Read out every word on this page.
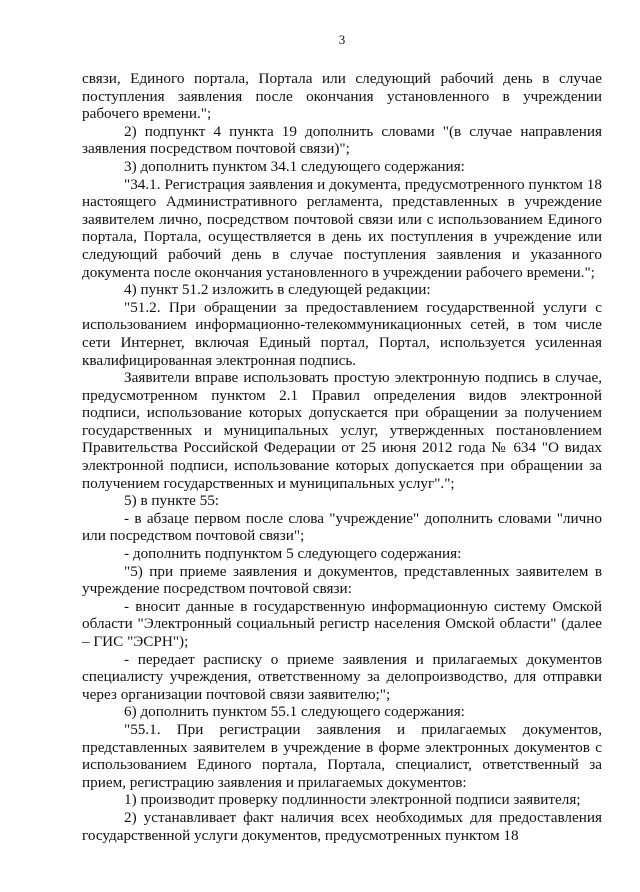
3

связи, Единого портала, Портала или следующий рабочий день в случае поступления заявления после окончания установленного в учреждении рабочего времени.";

2) подпункт 4 пункта 19 дополнить словами "(в случае направления заявления посредством почтовой связи)";

3) дополнить пунктом 34.1 следующего содержания:

"34.1. Регистрация заявления и документа, предусмотренного пунктом 18 настоящего Административного регламента, представленных в учреждение заявителем лично, посредством почтовой связи или с использованием Единого портала, Портала, осуществляется в день их поступления в учреждение или следующий рабочий день в случае поступления заявления и указанного документа после окончания установленного в учреждении рабочего времени.";

4) пункт 51.2 изложить в следующей редакции:

"51.2. При обращении за предоставлением государственной услуги с использованием информационно-телекоммуникационных сетей, в том числе сети Интернет, включая Единый портал, Портал, используется усиленная квалифицированная электронная подпись.

Заявители вправе использовать простую электронную подпись в случае, предусмотренном пунктом 2.1 Правил определения видов электронной подписи, использование которых допускается при обращении за получением государственных и муниципальных услуг, утвержденных постановлением Правительства Российской Федерации от 25 июня 2012 года № 634 "О видах электронной подписи, использование которых допускается при обращении за получением государственных и муниципальных услуг".";

5) в пункте 55:

- в абзаце первом после слова "учреждение" дополнить словами "лично или посредством почтовой связи";

- дополнить подпунктом 5 следующего содержания:

"5) при приеме заявления и документов, представленных заявителем в учреждение посредством почтовой связи:

- вносит данные в государственную информационную систему Омской области "Электронный социальный регистр населения Омской области" (далее – ГИС "ЭСРН");

- передает расписку о приеме заявления и прилагаемых документов специалисту учреждения, ответственному за делопроизводство, для отправки через организации почтовой связи заявителю;";

6) дополнить пунктом 55.1 следующего содержания:

"55.1. При регистрации заявления и прилагаемых документов, представленных заявителем в учреждение в форме электронных документов с использованием Единого портала, Портала, специалист, ответственный за прием, регистрацию заявления и прилагаемых документов:

1) производит проверку подлинности электронной подписи заявителя;

2) устанавливает факт наличия всех необходимых для предоставления государственной услуги документов, предусмотренных пунктом 18
